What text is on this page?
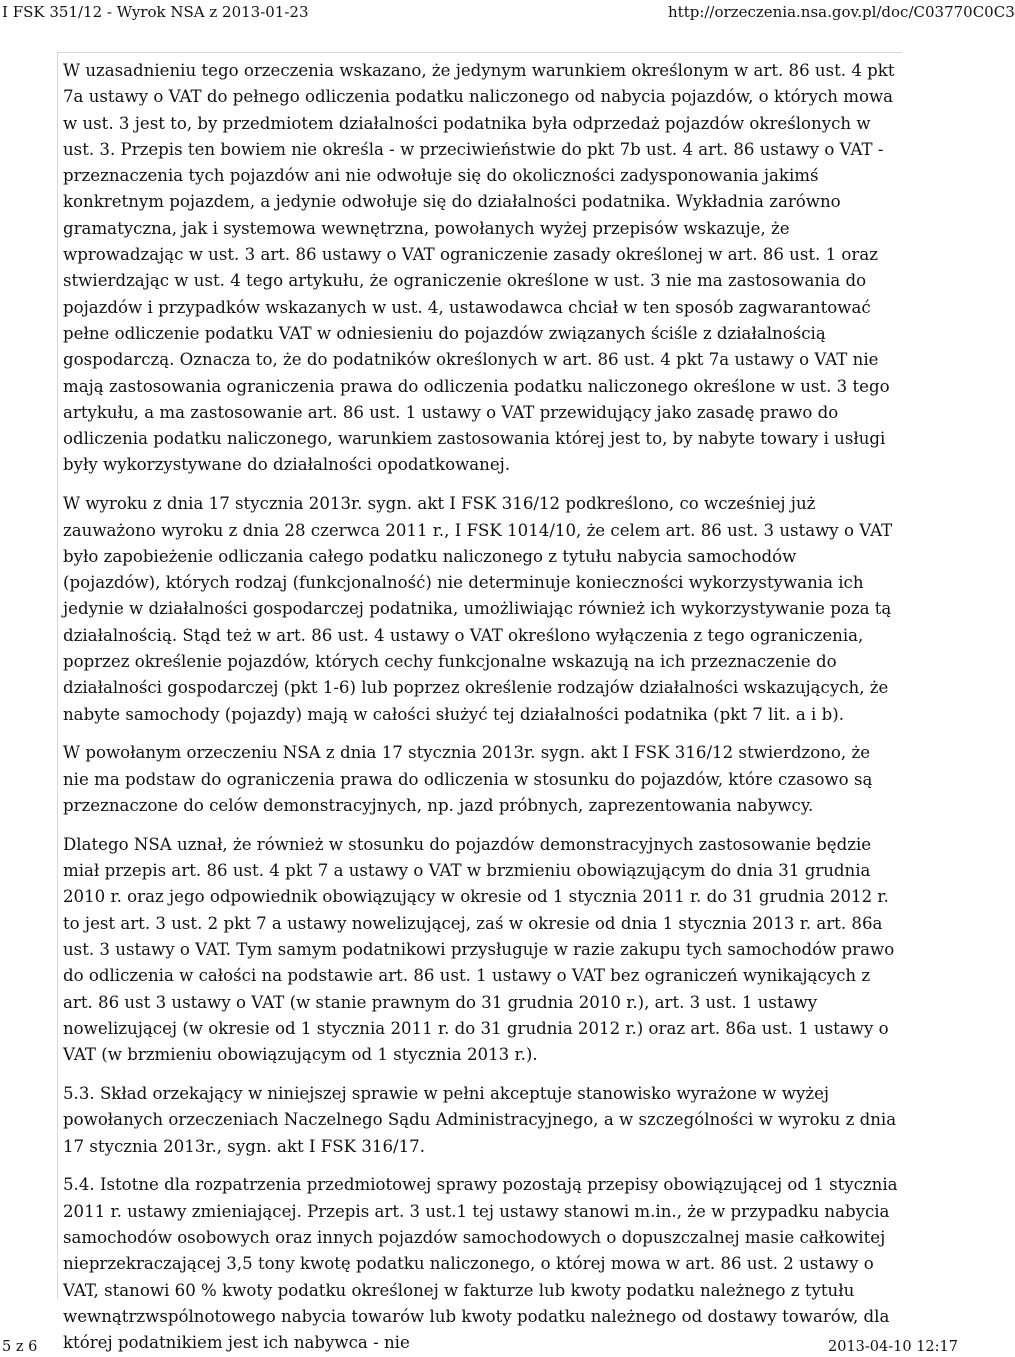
I FSK 351/12 - Wyrok NSA z 2013-01-23	http://orzeczenia.nsa.gov.pl/doc/C03770C0C3

W uzasadnieniu tego orzeczenia wskazano, że jedynym warunkiem określonym w art. 86 ust. 4 pkt 7a ustawy o VAT do pełnego odliczenia podatku naliczonego od nabycia pojazdów, o których mowa w ust. 3 jest to, by przedmiotem działalności podatnika była odprzedaż pojazdów określonych w ust. 3. Przepis ten bowiem nie określa - w przeciwieństwie do pkt 7b ust. 4 art. 86 ustawy o VAT - przeznaczenia tych pojazdów ani nie odwołuje się do okoliczności zadysponowania jakimś konkretnym pojazdem, a jedynie odwołuje się do działalności podatnika. Wykładnia zarówno gramatyczna, jak i systemowa wewnętrzna, powołanych wyżej przepisów wskazuje, że wprowadzając w ust. 3 art. 86 ustawy o VAT ograniczenie zasady określonej w art. 86 ust. 1 oraz stwierdzając w ust. 4 tego artykułu, że ograniczenie określone w ust. 3 nie ma zastosowania do pojazdów i przypadków wskazanych w ust. 4, ustawodawca chciał w ten sposób zagwarantować pełne odliczenie podatku VAT w odniesieniu do pojazdów związanych ściśle z działalnością gospodarczą. Oznacza to, że do podatników określonych w art. 86 ust. 4 pkt 7a ustawy o VAT nie mają zastosowania ograniczenia prawa do odliczenia podatku naliczonego określone w ust. 3 tego artykułu, a ma zastosowanie art. 86 ust. 1 ustawy o VAT przewidujący jako zasadę prawo do odliczenia podatku naliczonego, warunkiem zastosowania której jest to, by nabyte towary i usługi były wykorzystywane do działalności opodatkowanej.

W wyroku z dnia 17 stycznia 2013r. sygn. akt I FSK 316/12 podkreślono, co wcześniej już zauważono wyroku z dnia 28 czerwca 2011 r., I FSK 1014/10, że celem art. 86 ust. 3 ustawy o VAT było zapobieżenie odliczania całego podatku naliczonego z tytułu nabycia samochodów (pojazdów), których rodzaj (funkcjonalność) nie determinuje konieczności wykorzystywania ich jedynie w działalności gospodarczej podatnika, umożliwiając również ich wykorzystywanie poza tą działalnością. Stąd też w art. 86 ust. 4 ustawy o VAT określono wyłączenia z tego ograniczenia, poprzez określenie pojazdów, których cechy funkcjonalne wskazują na ich przeznaczenie do działalności gospodarczej (pkt 1-6) lub poprzez określenie rodzajów działalności wskazujących, że nabyte samochody (pojazdy) mają w całości służyć tej działalności podatnika (pkt 7 lit. a i b).

W powołanym orzeczeniu NSA z dnia 17 stycznia 2013r. sygn. akt I FSK 316/12 stwierdzono, że nie ma podstaw do ograniczenia prawa do odliczenia w stosunku do pojazdów, które czasowo są przeznaczone do celów demonstracyjnych, np. jazd próbnych, zaprezentowania nabywcy.

Dlatego NSA uznał, że również w stosunku do pojazdów demonstracyjnych zastosowanie będzie miał przepis art. 86 ust. 4 pkt 7 a ustawy o VAT w brzmieniu obowiązującym do dnia 31 grudnia 2010 r. oraz jego odpowiednik obowiązujący w okresie od 1 stycznia 2011 r. do 31 grudnia 2012 r. to jest art. 3 ust. 2 pkt 7 a ustawy nowelizującej, zaś w okresie od dnia 1 stycznia 2013 r. art. 86a ust. 3 ustawy o VAT. Tym samym podatnikowi przysługuje w razie zakupu tych samochodów prawo do odliczenia w całości na podstawie art. 86 ust. 1 ustawy o VAT bez ograniczeń wynikających z art. 86 ust 3 ustawy o VAT (w stanie prawnym do 31 grudnia 2010 r.), art. 3 ust. 1 ustawy nowelizującej (w okresie od 1 stycznia 2011 r. do 31 grudnia 2012 r.) oraz art. 86a ust. 1 ustawy o VAT (w brzmieniu obowiązującym od 1 stycznia 2013 r.).

5.3. Skład orzekający w niniejszej sprawie w pełni akceptuje stanowisko wyrażone w wyżej powołanych orzeczeniach Naczelnego Sądu Administracyjnego, a w szczególności w wyroku z dnia 17 stycznia 2013r., sygn. akt I FSK 316/17.

5.4. Istotne dla rozpatrzenia przedmiotowej sprawy pozostają przepisy obowiązującej od 1 stycznia 2011 r. ustawy zmieniającej. Przepis art. 3 ust.1 tej ustawy stanowi m.in., że w przypadku nabycia samochodów osobowych oraz innych pojazdów samochodowych o dopuszczalnej masie całkowitej nieprzekraczającej 3,5 tony kwotę podatku naliczonego, o której mowa w art. 86 ust. 2 ustawy o VAT, stanowi 60 % kwoty podatku określonej w fakturze lub kwoty podatku należnego z tytułu wewnątrzwspólnotowego nabycia towarów lub kwoty podatku należnego od dostawy towarów, dla której podatnikiem jest ich nabywca - nie

5 z 6	2013-04-10 12:17
